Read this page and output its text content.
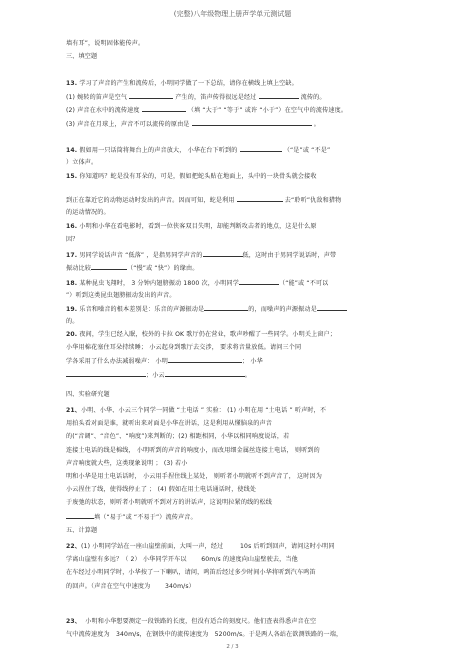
(完整)八年级物理上册声学单元测试题
墙有耳”，说明固体能传声。
三、填空题
13. 学习了声音的产生和流传后，小明同学做了一下总结，请你在横线上填上空缺。
(1) 婉转的笛声是空气	产生的，笛声传得很远是经过	流传的。
(2) 声音在水中的流传速度	（填 “大于” “等于” 或许 “小于”）在空气中的流传速度。
(3) 声音在月球上，声音不可以流传的原由是	。
14. 假如用一只话筒将舞台上的声音放大， 小华在台下听到的	（“是”或 “不是”
）立体声。
15. 你知道吗？蛇是没有耳朵的，可是，假如把蛇头贴在地面上，头中的一块骨头就会接收
到正在靠近它的动物运动时发出的声音。因而可知，蛇是利用	去“聆听”仇敌和猎物
的运动情况的。
16. 小明和小华在看电影时，看到一位侠客双目失明，却能判断攻击者的地点，这是什么原
因？
17. 男同学说话声音 “低落” ，是指男同学声音的	低，这时由于男同学说话时，声带
振动比较	（“慢”或 “快”）的缘由。
18. 某种昆虫飞翔时， 3 分钟内翅膀振动 1800 次，小明同学	（“能”或 “不可以
”）听到这类昆虫翅膀振动发出的声音。
19. 乐音和噪音的根本差别是：乐音的声源振动是	的，而噪声的声源振动是
的。
20. 夜间，学生已经入眠，校外的卡拉 OK 歌厅仍在营业，歌声吵醒了一些同学。小明关上窗户；
小华用棉花塞住耳朵持续睡； 小云起身到歌厅去交涉， 要求将音量放低。请问三个同
学各采用了什么办法减弱噪声： 小明	； 小华
；小云	。
四、实验研究题
21、小明、小华、小云三个同学一同做 “土电话 ” 实验： (1) 小明在用 “土电话 ” 听声时，不
用拍头看对面是谁，就听出来对面是小华在讲话，这是利用从懂脑泉的声音
的(“音调”、“音色”、“响度”)来判断的；(2) 相距相同，小华以相同响度说话，若
连接土电话的线是棉线， 小明听到的声音的响度小，而改用细金属丝连接土电话， 则听到的
声音响度就大些，这类现象说明 ； (3) 若小
明和小华是用土电话话时， 小云用手捏住线上某处， 则听者小明就听不到声音了， 这时因为
小云捏住了线，使得线停止了 ； (4) 假如在用土电话通话时，使线处
于废弛的状态，则听者小明就听不到对方的讲话声，这说明拉紧的线的松线
填（“易于”或 “不易于”）流传声音。
五、计算题
22、(1) 小明同学站在一座山崖壁前面，大叫一声，经过	10s 后听到回声，请问这时小明同
学离山崖壁有多远？（ 2） 小华同学开车以 60m/s 的速度向山崖壁驶去，当他
在车经过小明同学时，小华按了一下喇叭，请问，鸣笛后经过多少时间小华将听到汽车鸣笛
的回声。（声音在空气中速度为 340m/s）
23、 小明和小华想要测定一段铁路的长度，但没有适合的刻度尺。他们查表得悉声音在空
气中流传速度为 340m/s，在钢铁中的流传速度为 5200m/s。于是两人各站在欲测铁路的一端，
2 / 3
